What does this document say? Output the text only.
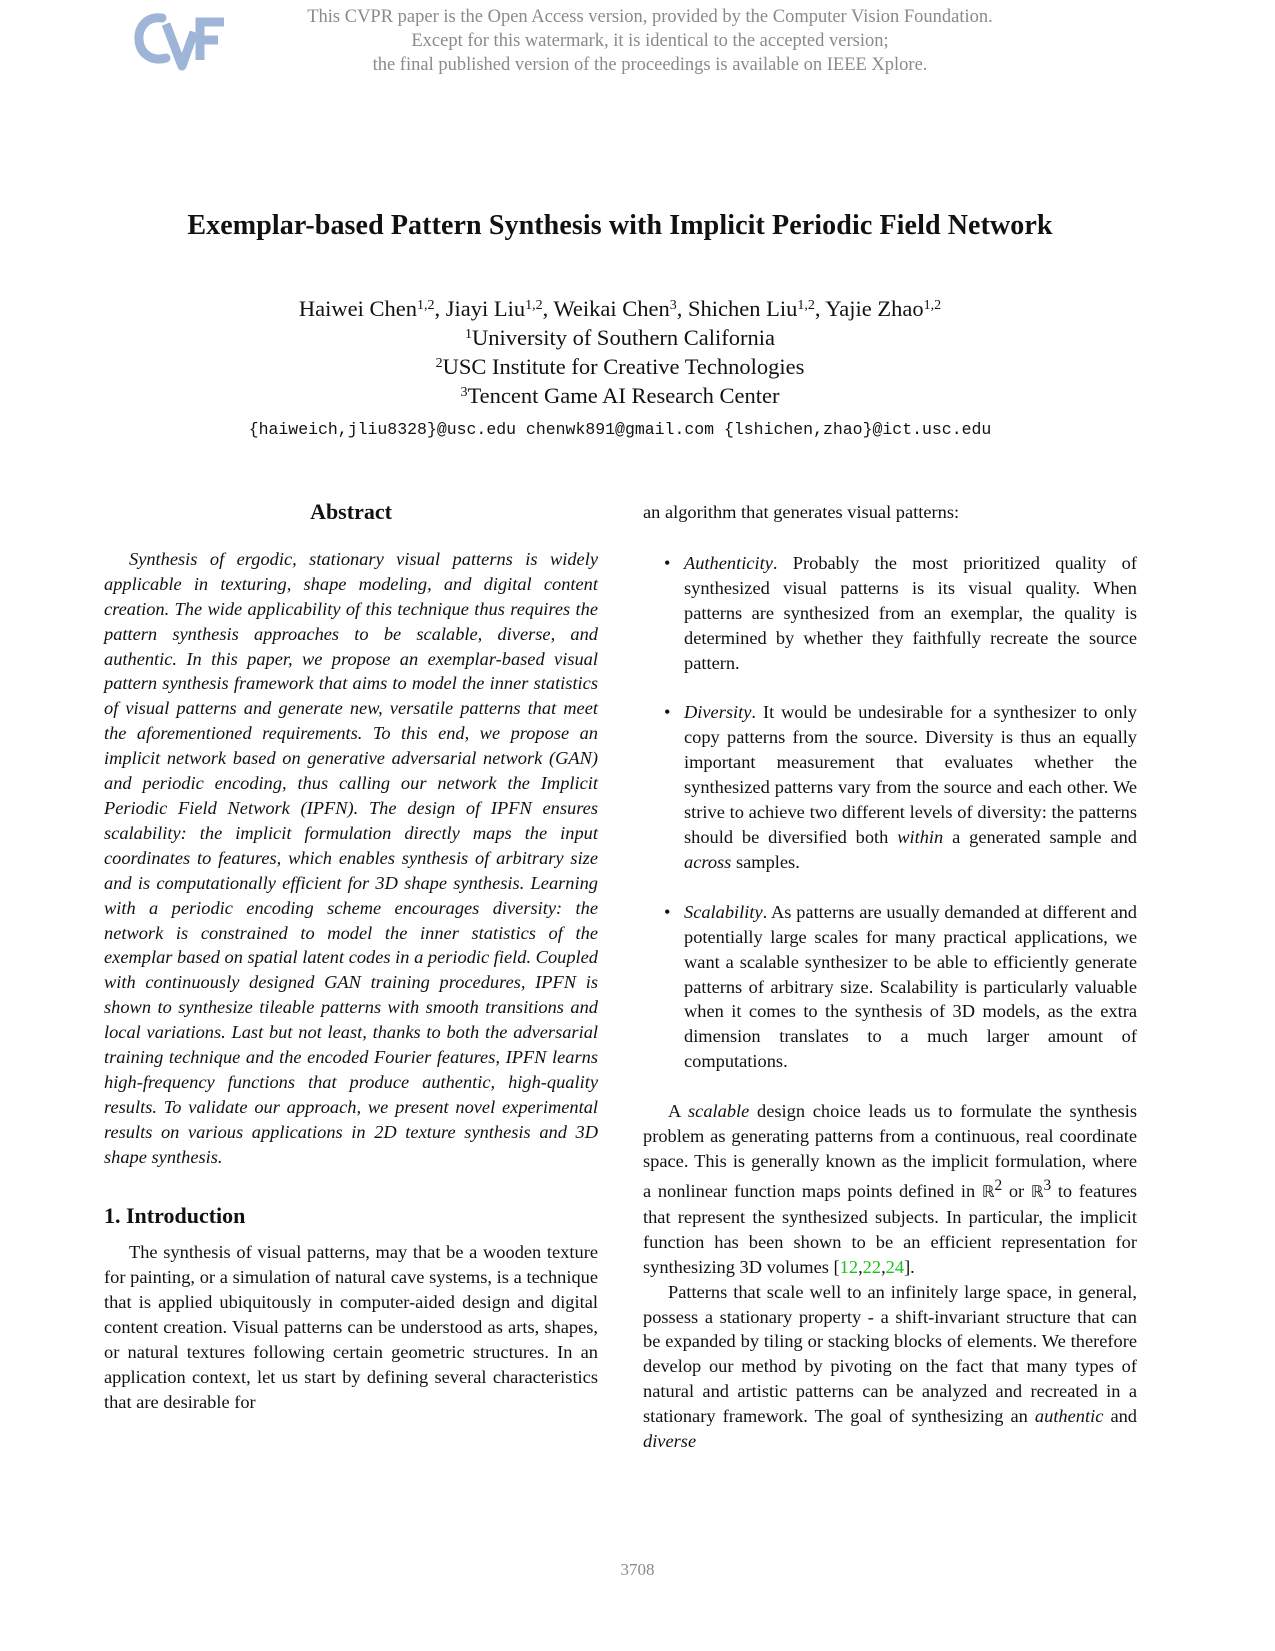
This CVPR paper is the Open Access version, provided by the Computer Vision Foundation.
Except for this watermark, it is identical to the accepted version;
the final published version of the proceedings is available on IEEE Xplore.
Exemplar-based Pattern Synthesis with Implicit Periodic Field Network
Haiwei Chen$^{1,2}$, Jiayi Liu$^{1,2}$, Weikai Chen$^3$, Shichen Liu$^{1,2}$, Yajie Zhao$^{1,2}$
$^1$University of Southern California
$^2$USC Institute for Creative Technologies
$^3$Tencent Game AI Research Center
{haiweich,jliu8328}@usc.edu chenwk891@gmail.com {lshichen,zhao}@ict.usc.edu
Abstract

Synthesis of ergodic, stationary visual patterns is widely applicable in texturing, shape modeling, and digital content creation. The wide applicability of this technique thus requires the pattern synthesis approaches to be scalable, diverse, and authentic. In this paper, we propose an exemplar-based visual pattern synthesis framework that aims to model the inner statistics of visual patterns and generate new, versatile patterns that meet the aforementioned requirements. To this end, we propose an implicit network based on generative adversarial network (GAN) and periodic encoding, thus calling our network the Implicit Periodic Field Network (IPFN). The design of IPFN ensures scalability: the implicit formulation directly maps the input coordinates to features, which enables synthesis of arbitrary size and is computationally efficient for 3D shape synthesis. Learning with a periodic encoding scheme encourages diversity: the network is constrained to model the inner statistics of the exemplar based on spatial latent codes in a periodic field. Coupled with continuously designed GAN training procedures, IPFN is shown to synthesize tileable patterns with smooth transitions and local variations. Last but not least, thanks to both the adversarial training technique and the encoded Fourier features, IPFN learns high-frequency functions that produce authentic, high-quality results. To validate our approach, we present novel experimental results on various applications in 2D texture synthesis and 3D shape synthesis.

1. Introduction

The synthesis of visual patterns, may that be a wooden texture for painting, or a simulation of natural cave systems, is a technique that is applied ubiquitously in computer-aided design and digital content creation. Visual patterns can be understood as arts, shapes, or natural textures following certain geometric structures. In an application context, let us start by defining several characteristics that are desirable for

an algorithm that generates visual patterns:

• Authenticity. Probably the most prioritized quality of synthesized visual patterns is its visual quality. When patterns are synthesized from an exemplar, the quality is determined by whether they faithfully recreate the source pattern.
• Diversity. It would be undesirable for a synthesizer to only copy patterns from the source. Diversity is thus an equally important measurement that evaluates whether the synthesized patterns vary from the source and each other. We strive to achieve two different levels of diversity: the patterns should be diversified both within a generated sample and across samples.
• Scalability. As patterns are usually demanded at different and potentially large scales for many practical applications, we want a scalable synthesizer to be able to efficiently generate patterns of arbitrary size. Scalability is particularly valuable when it comes to the synthesis of 3D models, as the extra dimension translates to a much larger amount of computations.

A scalable design choice leads us to formulate the synthesis problem as generating patterns from a continuous, real coordinate space. This is generally known as the implicit formulation, where a nonlinear function maps points defined in ℝ$^2$ or ℝ$^3$ to features that represent the synthesized subjects. In particular, the implicit function has been shown to be an efficient representation for synthesizing 3D volumes [12,22,24].

Patterns that scale well to an infinitely large space, in general, possess a stationary property - a shift-invariant structure that can be expanded by tiling or stacking blocks of elements. We therefore develop our method by pivoting on the fact that many types of natural and artistic patterns can be analyzed and recreated in a stationary framework. The goal of synthesizing an authentic and diverse

3708
